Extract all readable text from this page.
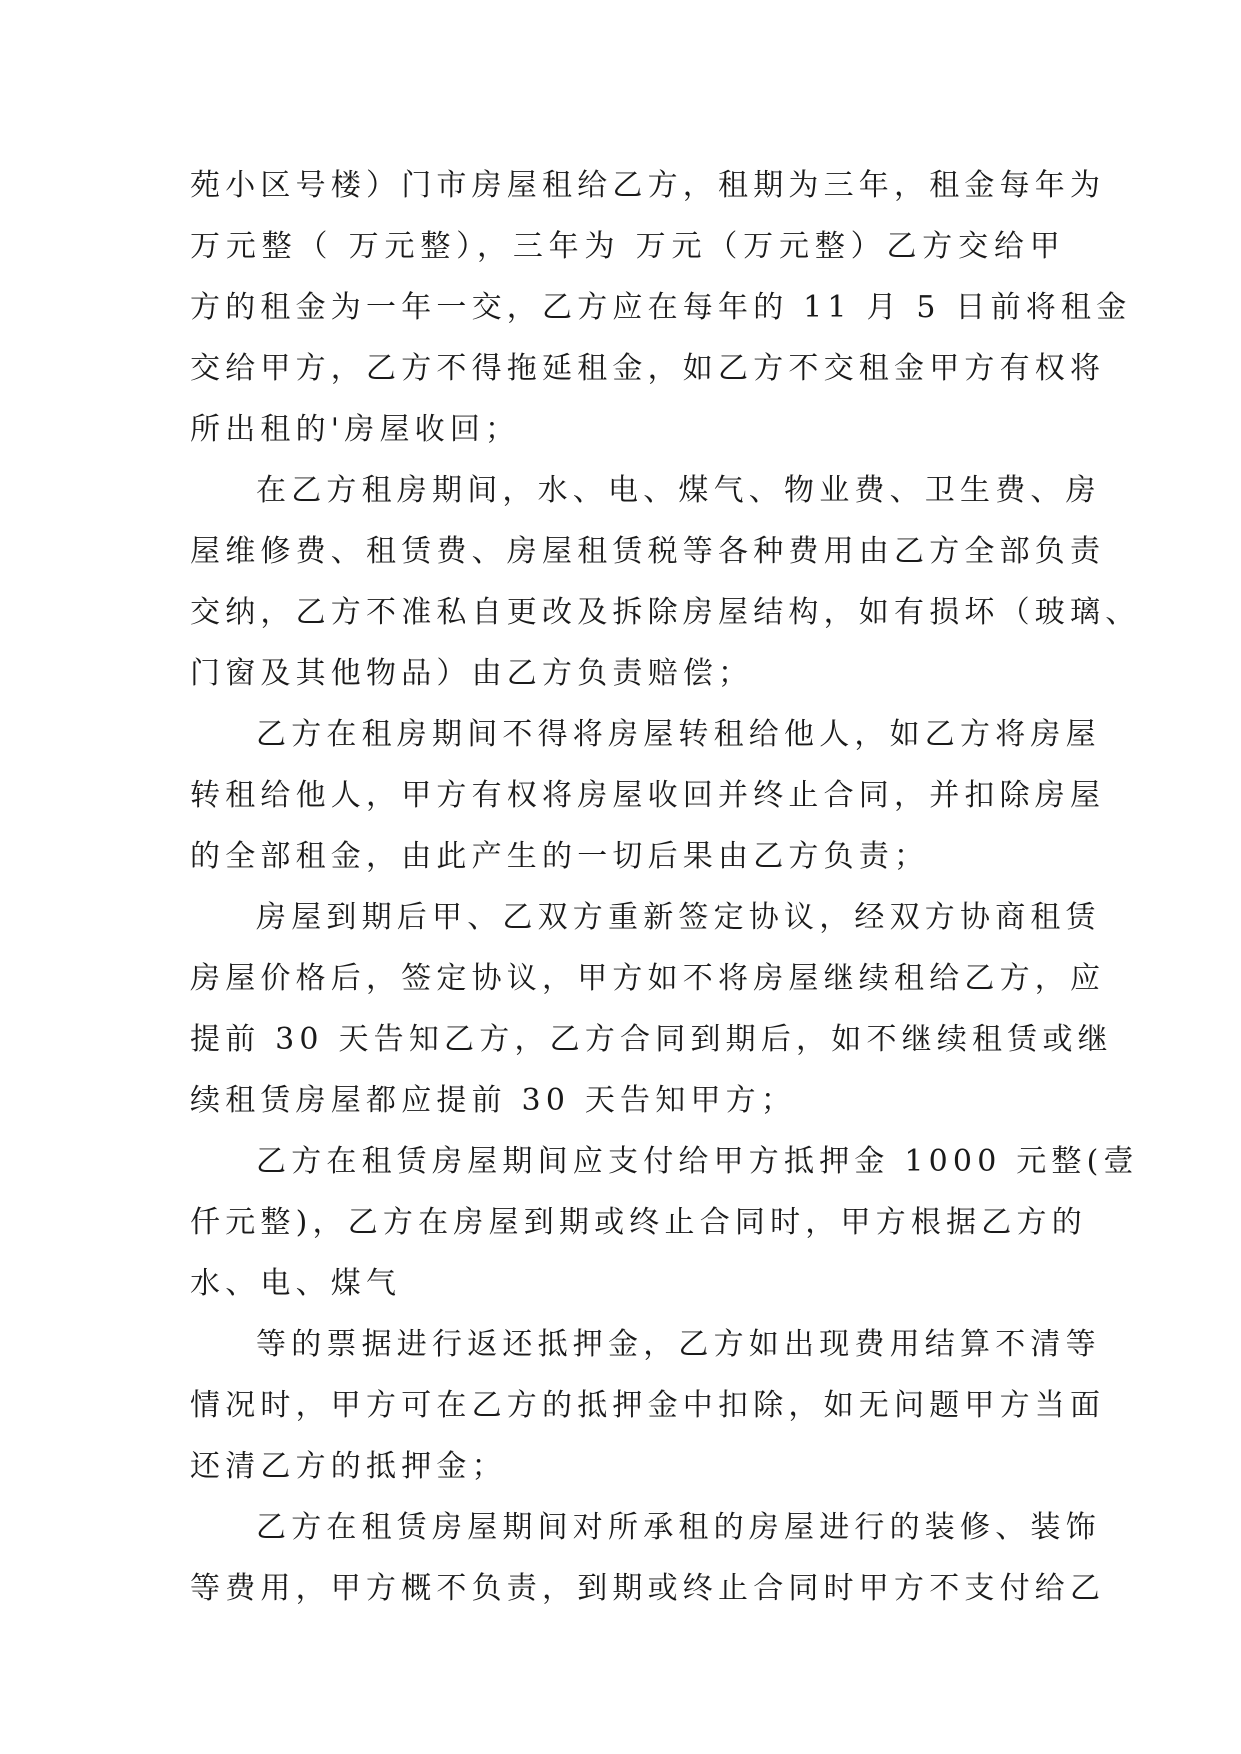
苑小区号楼）门市房屋租给乙方，租期为三年，租金每年为
万元整（ 万元整），三年为 万元（万元整）乙方交给甲
方的租金为一年一交，乙方应在每年的 11 月 5 日前将租金
交给甲方，乙方不得拖延租金，如乙方不交租金甲方有权将
所出租的'房屋收回；
在乙方租房期间，水、电、煤气、物业费、卫生费、房
屋维修费、租赁费、房屋租赁税等各种费用由乙方全部负责
交纳，乙方不准私自更改及拆除房屋结构，如有损坏（玻璃、
门窗及其他物品）由乙方负责赔偿；
乙方在租房期间不得将房屋转租给他人，如乙方将房屋
转租给他人，甲方有权将房屋收回并终止合同，并扣除房屋
的全部租金，由此产生的一切后果由乙方负责；
房屋到期后甲、乙双方重新签定协议，经双方协商租赁
房屋价格后，签定协议，甲方如不将房屋继续租给乙方，应
提前 30 天告知乙方，乙方合同到期后，如不继续租赁或继
续租赁房屋都应提前 30 天告知甲方；
乙方在租赁房屋期间应支付给甲方抵押金 1000 元整(壹
仟元整)，乙方在房屋到期或终止合同时，甲方根据乙方的
水、电、煤气
等的票据进行返还抵押金，乙方如出现费用结算不清等
情况时，甲方可在乙方的抵押金中扣除，如无问题甲方当面
还清乙方的抵押金；
乙方在租赁房屋期间对所承租的房屋进行的装修、装饰
等费用，甲方概不负责，到期或终止合同时甲方不支付给乙
